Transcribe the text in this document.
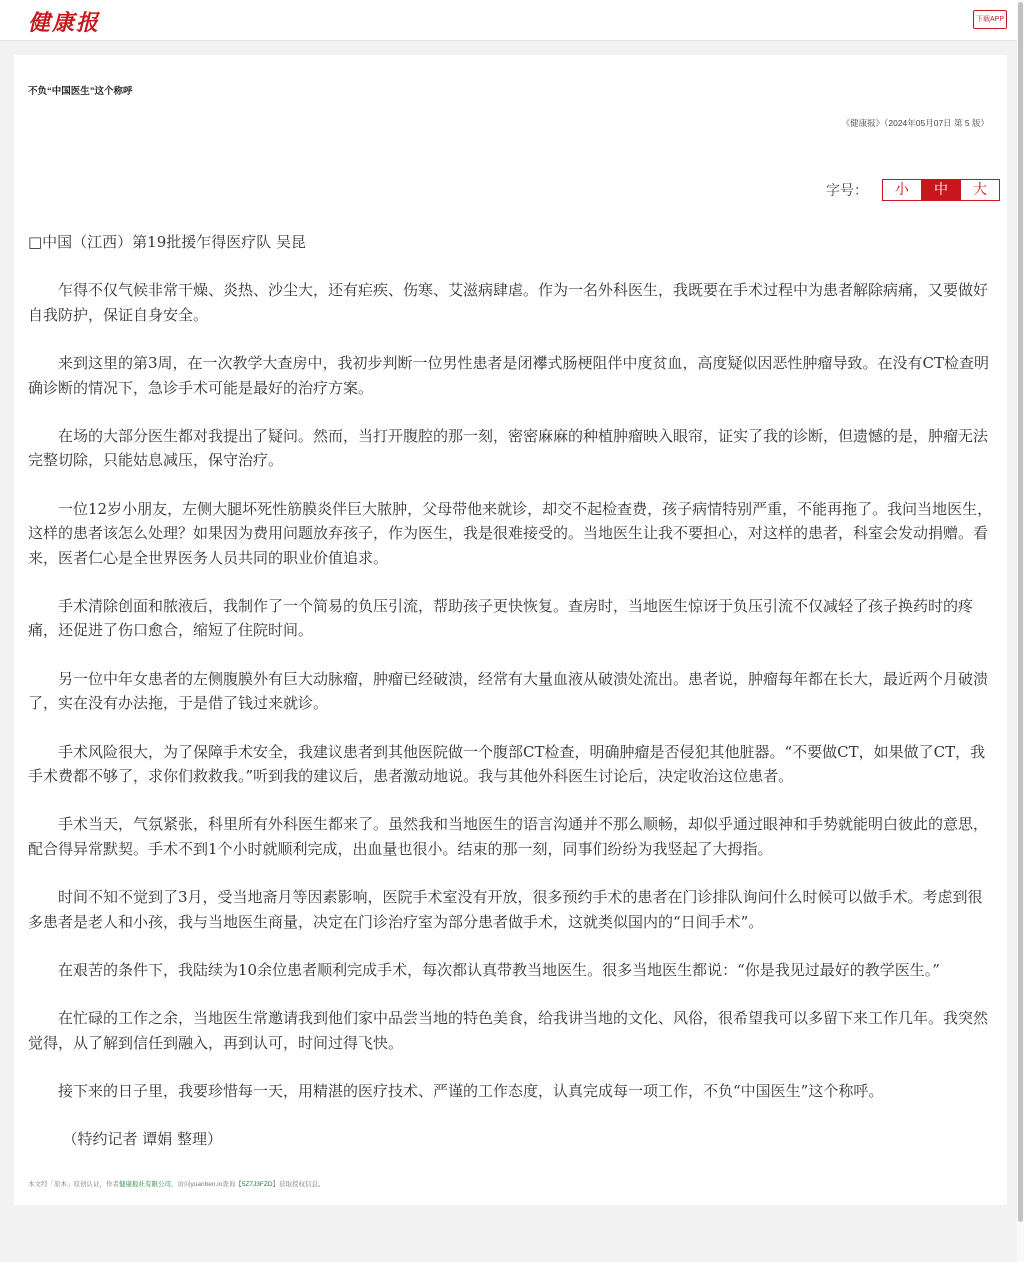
健康报	下载APP
不负“中国医生”这个称呼
《健康报》（2024年05月07日 第 5 版）
字号：	小	中	大

□中国（江西）第19批援乍得医疗队 吴昆

乍得不仅气候非常干燥、炎热、沙尘大，还有疟疾、伤寒、艾滋病肆虐。作为一名外科医生，我既要在手术过程中为患者解除病痛，又要做好自我防护，保证自身安全。

来到这里的第3周，在一次教学大查房中，我初步判断一位男性患者是闭襻式肠梗阻伴中度贫血，高度疑似因恶性肿瘤导致。在没有CT检查明确诊断的情况下，急诊手术可能是最好的治疗方案。

在场的大部分医生都对我提出了疑问。然而，当打开腹腔的那一刻，密密麻麻的种植肿瘤映入眼帘，证实了我的诊断，但遗憾的是，肿瘤无法完整切除，只能姑息减压，保守治疗。

一位12岁小朋友，左侧大腿坏死性筋膜炎伴巨大脓肿，父母带他来就诊，却交不起检查费，孩子病情特别严重，不能再拖了。我问当地医生，这样的患者该怎么处理？如果因为费用问题放弃孩子，作为医生，我是很难接受的。当地医生让我不要担心，对这样的患者，科室会发动捐赠。看来，医者仁心是全世界医务人员共同的职业价值追求。

手术清除创面和脓液后，我制作了一个简易的负压引流，帮助孩子更快恢复。查房时，当地医生惊讶于负压引流不仅减轻了孩子换药时的疼痛，还促进了伤口愈合，缩短了住院时间。

另一位中年女患者的左侧腹膜外有巨大动脉瘤，肿瘤已经破溃，经常有大量血液从破溃处流出。患者说，肿瘤每年都在长大，最近两个月破溃了，实在没有办法拖，于是借了钱过来就诊。

手术风险很大，为了保障手术安全，我建议患者到其他医院做一个腹部CT检查，明确肿瘤是否侵犯其他脏器。“不要做CT，如果做了CT，我手术费都不够了，求你们救救我。”听到我的建议后，患者激动地说。我与其他外科医生讨论后，决定收治这位患者。

手术当天，气氛紧张，科里所有外科医生都来了。虽然我和当地医生的语言沟通并不那么顺畅，却似乎通过眼神和手势就能明白彼此的意思，配合得异常默契。手术不到1个小时就顺利完成，出血量也很小。结束的那一刻，同事们纷纷为我竖起了大拇指。

时间不知不觉到了3月，受当地斋月等因素影响，医院手术室没有开放，很多预约手术的患者在门诊排队询问什么时候可以做手术。考虑到很多患者是老人和小孩，我与当地医生商量，决定在门诊治疗室为部分患者做手术，这就类似国内的“日间手术”。

在艰苦的条件下，我陆续为10余位患者顺利完成手术，每次都认真带教当地医生。很多当地医生都说：“你是我见过最好的教学医生。”

在忙碌的工作之余，当地医生常邀请我到他们家中品尝当地的特色美食，给我讲当地的文化、风俗，很希望我可以多留下来工作几年。我突然觉得，从了解到信任到融入，再到认可，时间过得飞快。

接下来的日子里，我要珍惜每一天，用精湛的医疗技术、严谨的工作态度，认真完成每一项工作，不负“中国医生”这个称呼。

（特约记者 谭娟 整理）

本文经「原本」原创认证，作者健康报社有限公司，访问yuanben.io查询【5Z7J3FZD】获取授权信息。
